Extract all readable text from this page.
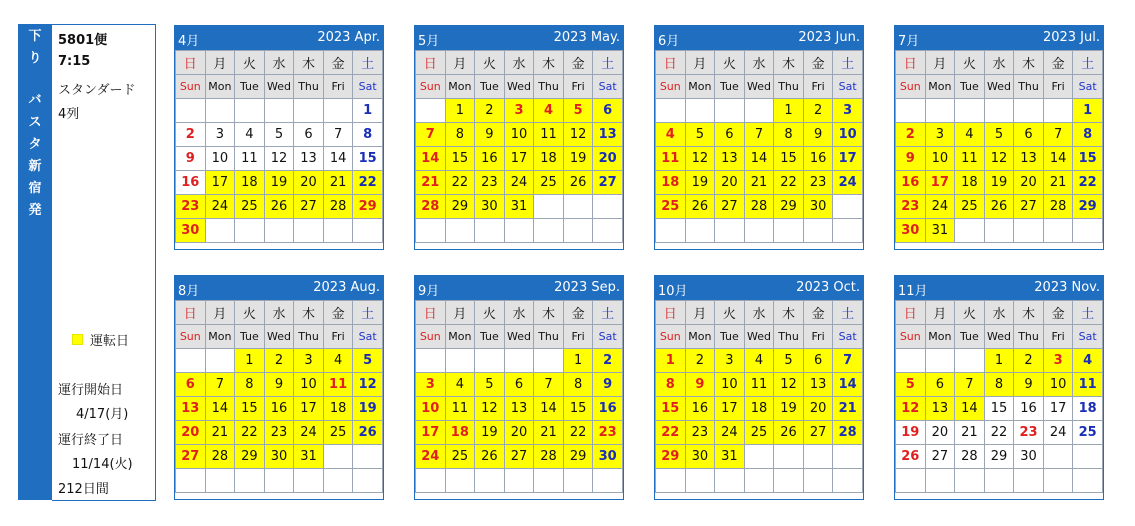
下
り
バ
ス
タ
新
宿
発
5801便
7:15
スタンダード
4列
運転日
運行開始日
4/17(月)
運行終了日
11/14(火)
212日間
4月	2023 Apr.
日	月	火	水	木	金	土
Sun	Mon	Tue	Wed	Thu	Fri	Sat
						1
2	3	4	5	6	7	8
9	10	11	12	13	14	15
16	17	18	19	20	21	22
23	24	25	26	27	28	29
30						
5月	2023 May.
日	月	火	水	木	金	土
Sun	Mon	Tue	Wed	Thu	Fri	Sat
	1	2	3	4	5	6
7	8	9	10	11	12	13
14	15	16	17	18	19	20
21	22	23	24	25	26	27
28	29	30	31			

6月	2023 Jun.
日	月	火	水	木	金	土
Sun	Mon	Tue	Wed	Thu	Fri	Sat
				1	2	3
4	5	6	7	8	9	10
11	12	13	14	15	16	17
18	19	20	21	22	23	24
25	26	27	28	29	30	

7月	2023 Jul.
日	月	火	水	木	金	土
Sun	Mon	Tue	Wed	Thu	Fri	Sat
						1
2	3	4	5	6	7	8
9	10	11	12	13	14	15
16	17	18	19	20	21	22
23	24	25	26	27	28	29
30	31					
8月	2023 Aug.
日	月	火	水	木	金	土
Sun	Mon	Tue	Wed	Thu	Fri	Sat
		1	2	3	4	5
6	7	8	9	10	11	12
13	14	15	16	17	18	19
20	21	22	23	24	25	26
27	28	29	30	31		

9月	2023 Sep.
日	月	火	水	木	金	土
Sun	Mon	Tue	Wed	Thu	Fri	Sat
					1	2
3	4	5	6	7	8	9
10	11	12	13	14	15	16
17	18	19	20	21	22	23
24	25	26	27	28	29	30

10月	2023 Oct.
日	月	火	水	木	金	土
Sun	Mon	Tue	Wed	Thu	Fri	Sat
1	2	3	4	5	6	7
8	9	10	11	12	13	14
15	16	17	18	19	20	21
22	23	24	25	26	27	28
29	30	31				

11月	2023 Nov.
日	月	火	水	木	金	土
Sun	Mon	Tue	Wed	Thu	Fri	Sat
			1	2	3	4
5	6	7	8	9	10	11
12	13	14	15	16	17	18
19	20	21	22	23	24	25
26	27	28	29	30		
